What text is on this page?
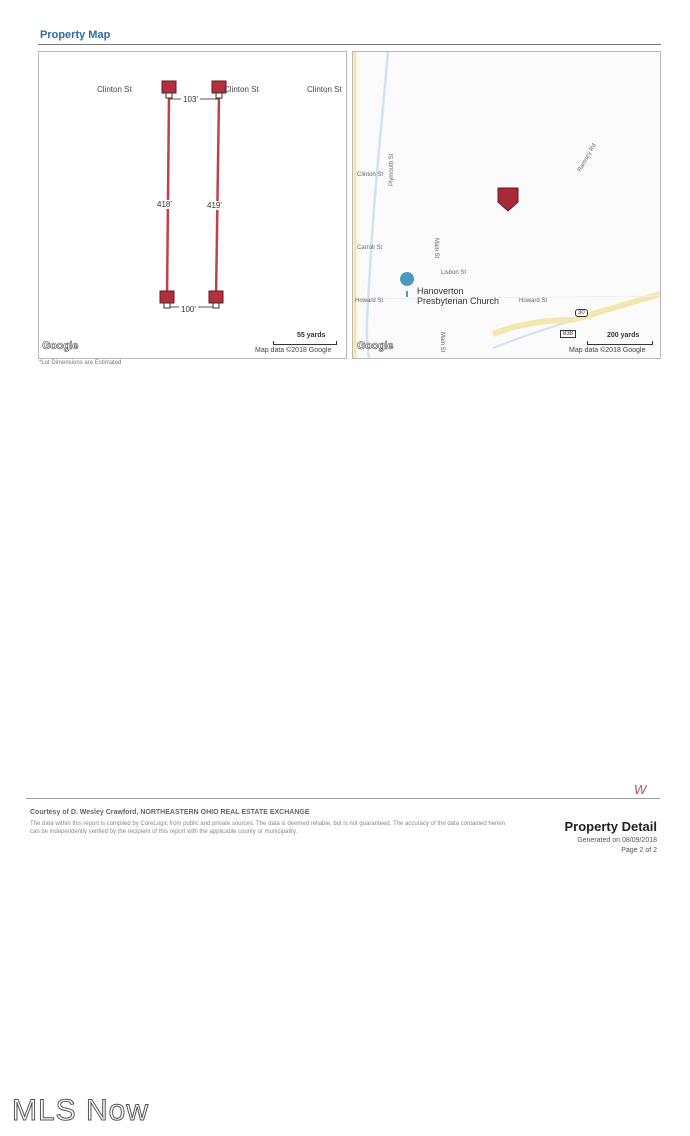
Property Map
Clinton St	Clinton St	Clinton St
103'
418'	419'
100'
Google
55 yards
Map data ©2018 Google
Clinton St Plymouth St
Main St
Carroll St
Lisbon St
Howard St	Howard St
Main St
Ramsey Rd
Hanoverton
Presbyterian Church
30
838
Google
200 yards
Map data ©2018 Google
*Lot Dimensions are Estimated
W
Courtesy of D. Wesley Crawford, NORTHEASTERN OHIO REAL ESTATE EXCHANGE
The data within this report is compiled by CoreLogic from public and private sources. The data is deemed reliable, but is not guaranteed. The accuracy of the data contained herein can be independently verified by the recipient of this report with the applicable county or municipality.	Property Detail
Generated on 08/09/2018
Page 2 of 2
MLS Now
